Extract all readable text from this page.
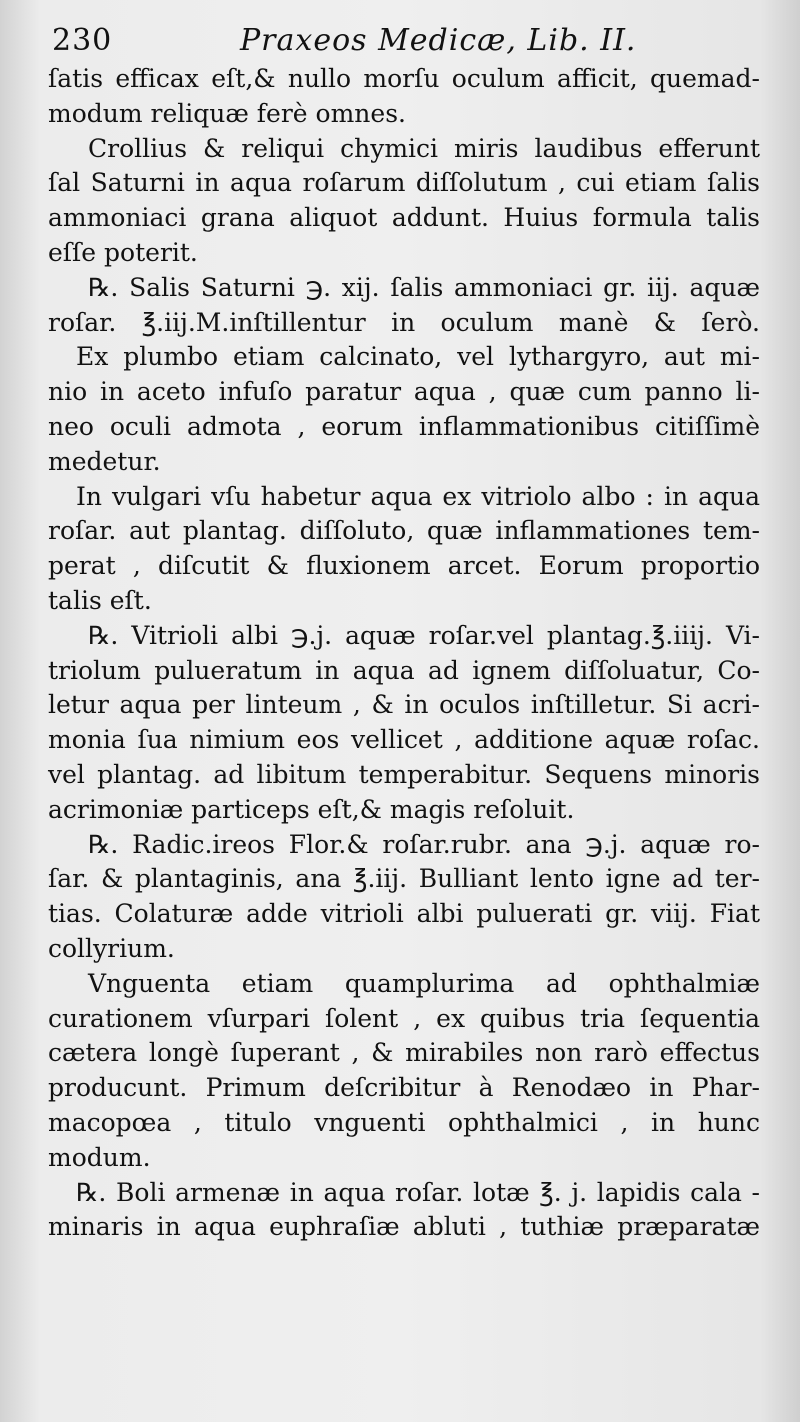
230	Praxeos Medicæ, Lib. II.
ſatis efficax eſt,& nullo morſu oculum afficit, quemad-
modum reliquæ ferè omnes.
Crollius & reliqui chymici miris laudibus efferunt
ſal Saturni in aqua roſarum diſſolutum , cui etiam ſalis
ammoniaci grana aliquot addunt. Huius formula talis
eſſe poterit.
℞. Salis Saturni ℈. xij. ſalis ammoniaci gr. iij. aquæ
roſar. ℥.iij.M.inſtillentur in oculum manè & ſerò.
Ex plumbo etiam calcinato, vel lythargyro, aut mi-
nio in aceto infuſo paratur aqua , quæ cum panno li-
neo oculi admota , eorum inflammationibus citiſſimè
medetur.
In vulgari vſu habetur aqua ex vitriolo albo : in aqua
roſar. aut plantag. diſſoluto, quæ inflammationes tem-
perat , diſcutit & fluxionem arcet. Eorum proportio
talis eſt.
℞. Vitrioli albi ℈.j. aquæ roſar.vel plantag.℥.iiij. Vi-
triolum pulueratum in aqua ad ignem diſſoluatur, Co-
letur aqua per linteum , & in oculos inſtilletur. Si acri-
monia ſua nimium eos vellicet , additione aquæ roſac.
vel plantag. ad libitum temperabitur. Sequens minoris
acrimoniæ particeps eſt,& magis reſoluit.
℞. Radic.ireos Flor.& roſar.rubr. ana ℈.j. aquæ ro-
ſar. & plantaginis, ana ℥.iij. Bulliant lento igne ad ter-
tias. Colaturæ adde vitrioli albi puluerati gr. viij. Fiat
collyrium.
Vnguenta etiam quamplurima ad ophthalmiæ
curationem vſurpari ſolent , ex quibus tria ſequentia
cætera longè ſuperant , & mirabiles non rarò effectus
producunt. Primum deſcribitur à Renodæo in Phar-
macopœa , titulo vnguenti ophthalmici , in hunc
modum.
℞. Boli armenæ in aqua roſar. lotæ ℥. j. lapidis cala -
minaris in aqua euphraſiæ abluti , tuthiæ præparatæ
